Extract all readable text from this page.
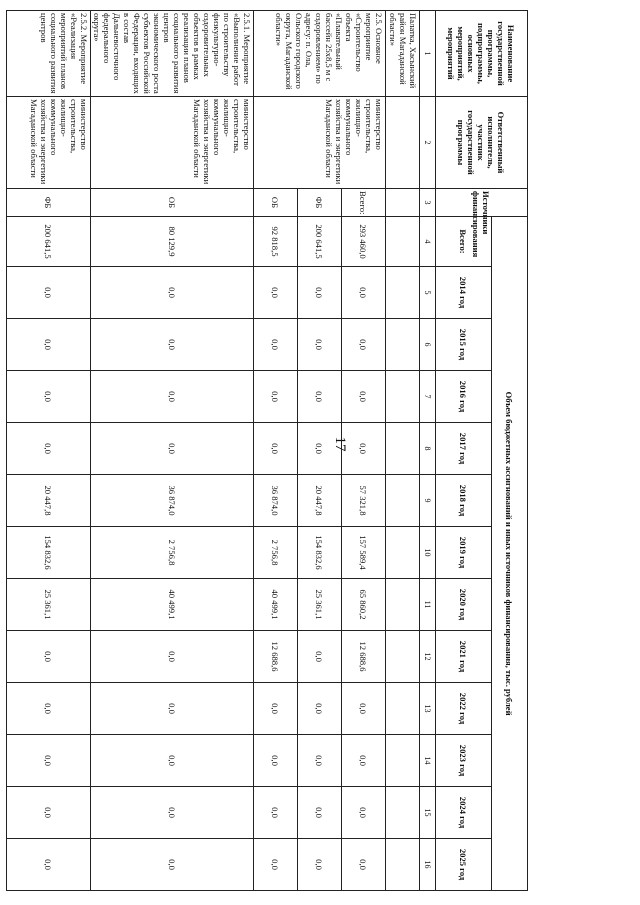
17
Наименование государственной программы, подпрограммы, основных мероприятий, мероприятий	Ответственный исполнитель, участник государственной программы	Источники финансирования	Объем бюджетных ассигнований и иных источников финансирования, тыс. рублей												
			Всего:	2014 год	2015 год	2016 год	2017 год	2018 год	2019 год	2020 год	2021 год	2022 год	2023 год	2024 год	2025 год
1	2	3	4	5	6	7	8	9	10	11	12	13	14	15	16
Палатка, Хасынский район Магаданской области»															
2.5. Основное мероприятие «Строительство объекта «Плавательный бассейн 25x8,5 м с оздоровлением» по адресу: п. Ола, Ольского городского округа, Магаданской области»	министерство строительства, жилищно-коммунального хозяйства и энергетики Магаданской области	Всего:	293 460,0	0,0	0,0	0,0	0,0	57 321,8	157 589,4	65 860,2	12 688,6	0,0	0,0	0,0	0,0
		ФБ	200 641,5	0,0	0,0	0,0	0,0	20 447,8	154 832,6	25 361,1	0,0	0,0	0,0	0,0	0,0
		ОБ	92 818,5	0,0	0,0	0,0	0,0	36 874,0	2 756,8	40 499,1	12 688,6	0,0	0,0	0,0	0,0
2.5.1. Мероприятие «Выполнение работ по строительству физкультурно-оздоровительных объектов в рамках реализации планов социального развития центров экономического роста субъектов Российской Федерации, входящих в состав Дальневосточного федерального округа»	министерство строительства, жилищно-коммунального хозяйства и энергетики Магаданской области	ОБ	80 129,9	0,0	0,0	0,0	0,0	36 874,0	2 756,8	40 499,1	0,0	0,0	0,0	0,0	0,0
2.5.2. Мероприятие «Реализация мероприятий планов социального развития центров	министерство строительства, жилищно-коммунального хозяйства и энергетики Магаданской области	ФБ	200 641,5	0,0	0,0	0,0	0,0	20 447,8	154 832,6	25 361,1	0,0	0,0	0,0	0,0	0,0
